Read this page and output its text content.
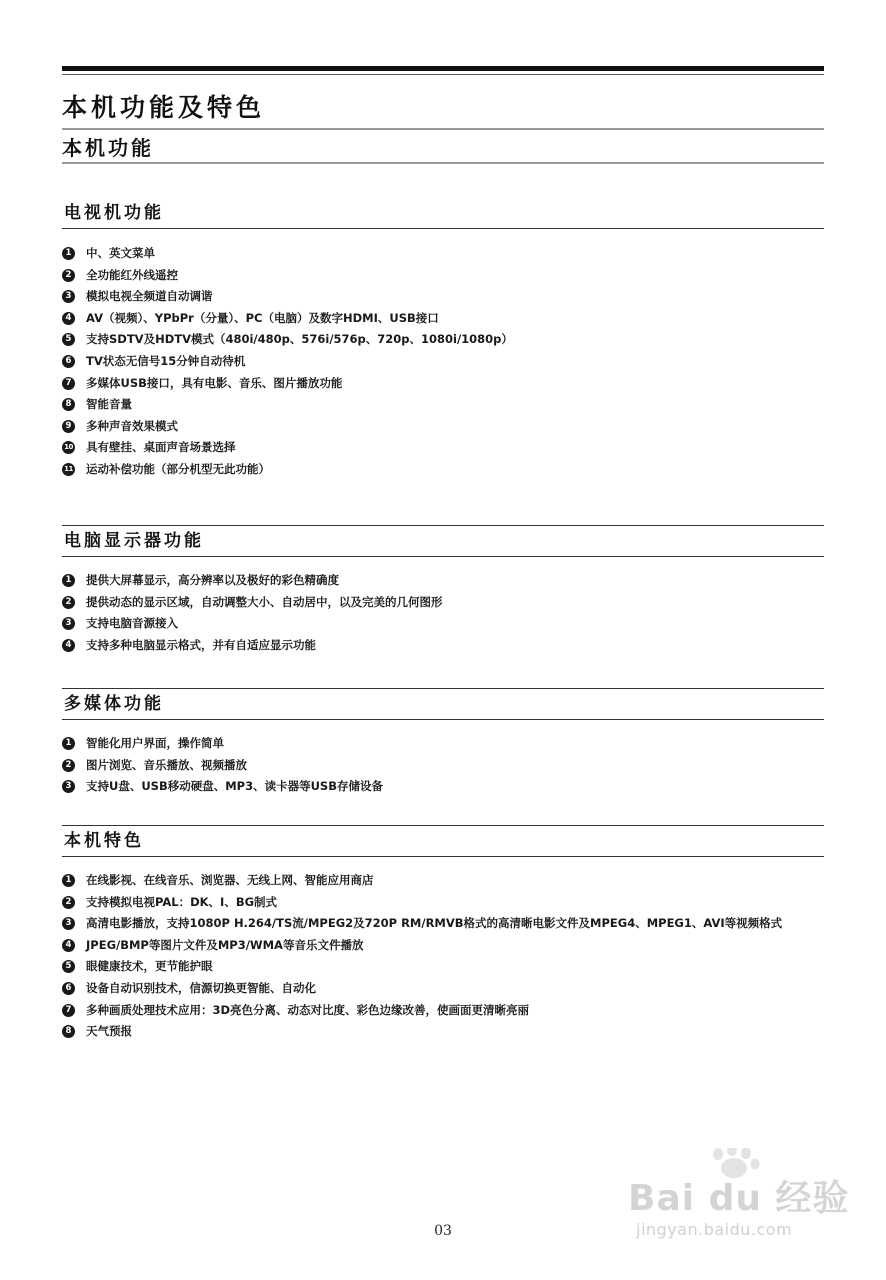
本机功能及特色
本机功能
电视机功能
1	中、英文菜单
2	全功能红外线遥控
3	模拟电视全频道自动调谐
4	AV（视频）、YPbPr（分量）、PC（电脑）及数字HDMI、USB接口
5	支持SDTV及HDTV模式（480i/480p、576i/576p、720p、1080i/1080p）
6	TV状态无信号15分钟自动待机
7	多媒体USB接口，具有电影、音乐、图片播放功能
8	智能音量
9	多种声音效果模式
10 具有壁挂、桌面声音场景选择
11 运动补偿功能（部分机型无此功能）
电脑显示器功能
1	提供大屏幕显示，高分辨率以及极好的彩色精确度
2	提供动态的显示区域，自动调整大小、自动居中，以及完美的几何图形
3	支持电脑音源接入
4	支持多种电脑显示格式，并有自适应显示功能
多媒体功能
1	智能化用户界面，操作简单
2	图片浏览、音乐播放、视频播放
3	支持U盘、USB移动硬盘、MP3、读卡器等USB存储设备
本机特色
1	在线影视、在线音乐、浏览器、无线上网、智能应用商店
2	支持模拟电视PAL：DK、I、BG制式
3	高清电影播放，支持1080P H.264/TS流/MPEG2及720P RM/RMVB格式的高清晰电影文件及MPEG4、MPEG1、AVI等视频格式
4	JPEG/BMP等图片文件及MP3/WMA等音乐文件播放
5	眼健康技术，更节能护眼
6	设备自动识别技术，信源切换更智能、自动化
7	多种画质处理技术应用：3D亮色分离、动态对比度、彩色边缘改善，使画面更清晰亮丽
8	天气预报
03
Bai du 经验
jingyan.baidu.com
